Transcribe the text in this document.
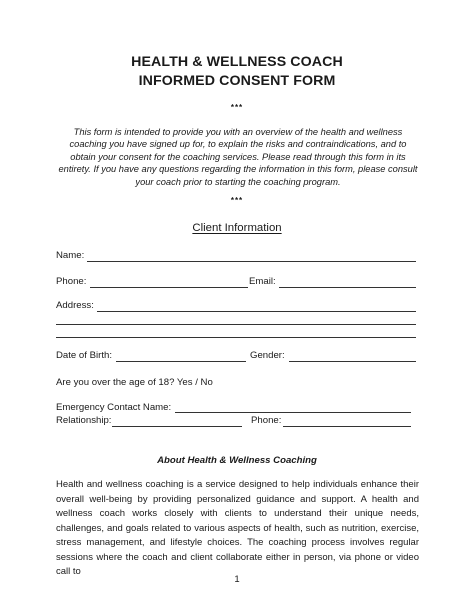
HEALTH & WELLNESS COACH
INFORMED CONSENT FORM
***
This form is intended to provide you with an overview of the health and wellness coaching you have signed up for, to explain the risks and contraindications, and to obtain your consent for the coaching services. Please read through this form in its entirety. If you have any questions regarding the information in this form, please consult your coach prior to starting the coaching program.
***
Client Information
Name:
Phone:	Email:
Address:
Date of Birth:	Gender:
Are you over the age of 18? Yes / No
Emergency Contact Name:
Relationship:	Phone:
About Health & Wellness Coaching
Health and wellness coaching is a service designed to help individuals enhance their overall well-being by providing personalized guidance and support. A health and wellness coach works closely with clients to understand their unique needs, challenges, and goals related to various aspects of health, such as nutrition, exercise, stress management, and lifestyle choices. The coaching process involves regular sessions where the coach and client collaborate either in person, via phone or video call to
1
